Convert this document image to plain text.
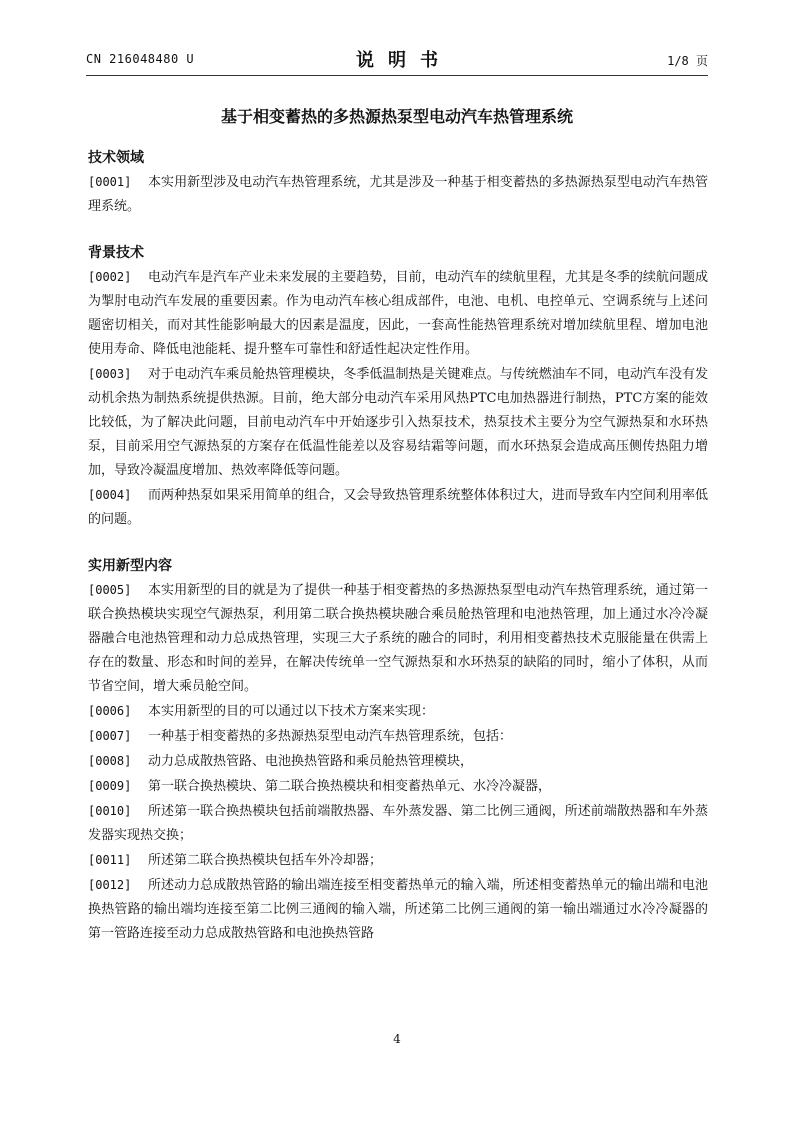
CN 216048480 U	说明书	1/8 页
基于相变蓄热的多热源热泵型电动汽车热管理系统
技术领域
[0001] 本实用新型涉及电动汽车热管理系统，尤其是涉及一种基于相变蓄热的多热源热泵型电动汽车热管理系统。
背景技术
[0002] 电动汽车是汽车产业未来发展的主要趋势，目前，电动汽车的续航里程，尤其是冬季的续航问题成为掣肘电动汽车发展的重要因素。作为电动汽车核心组成部件，电池、电机、电控单元、空调系统与上述问题密切相关，而对其性能影响最大的因素是温度，因此，一套高性能热管理系统对增加续航里程、增加电池使用寿命、降低电池能耗、提升整车可靠性和舒适性起决定性作用。
[0003] 对于电动汽车乘员舱热管理模块，冬季低温制热是关键难点。与传统燃油车不同，电动汽车没有发动机余热为制热系统提供热源。目前，绝大部分电动汽车采用风热PTC电加热器进行制热，PTC方案的能效比较低，为了解决此问题，目前电动汽车中开始逐步引入热泵技术，热泵技术主要分为空气源热泵和水环热泵，目前采用空气源热泵的方案存在低温性能差以及容易结霜等问题，而水环热泵会造成高压侧传热阻力增加，导致冷凝温度增加、热效率降低等问题。
[0004] 而两种热泵如果采用简单的组合，又会导致热管理系统整体体积过大，进而导致车内空间利用率低的问题。
实用新型内容
[0005] 本实用新型的目的就是为了提供一种基于相变蓄热的多热源热泵型电动汽车热管理系统，通过第一联合换热模块实现空气源热泵，利用第二联合换热模块融合乘员舱热管理和电池热管理，加上通过水冷冷凝器融合电池热管理和动力总成热管理，实现三大子系统的融合的同时，利用相变蓄热技术克服能量在供需上存在的数量、形态和时间的差异，在解决传统单一空气源热泵和水环热泵的缺陷的同时，缩小了体积，从而节省空间，增大乘员舱空间。
[0006] 本实用新型的目的可以通过以下技术方案来实现：
[0007] 一种基于相变蓄热的多热源热泵型电动汽车热管理系统，包括：
[0008] 动力总成散热管路、电池换热管路和乘员舱热管理模块，
[0009] 第一联合换热模块、第二联合换热模块和相变蓄热单元、水冷冷凝器，
[0010] 所述第一联合换热模块包括前端散热器、车外蒸发器、第二比例三通阀，所述前端散热器和车外蒸发器实现热交换；
[0011] 所述第二联合换热模块包括车外冷却器；
[0012] 所述动力总成散热管路的输出端连接至相变蓄热单元的输入端，所述相变蓄热单元的输出端和电池换热管路的输出端均连接至第二比例三通阀的输入端，所述第二比例三通阀的第一输出端通过水冷冷凝器的第一管路连接至动力总成散热管路和电池换热管路
4
